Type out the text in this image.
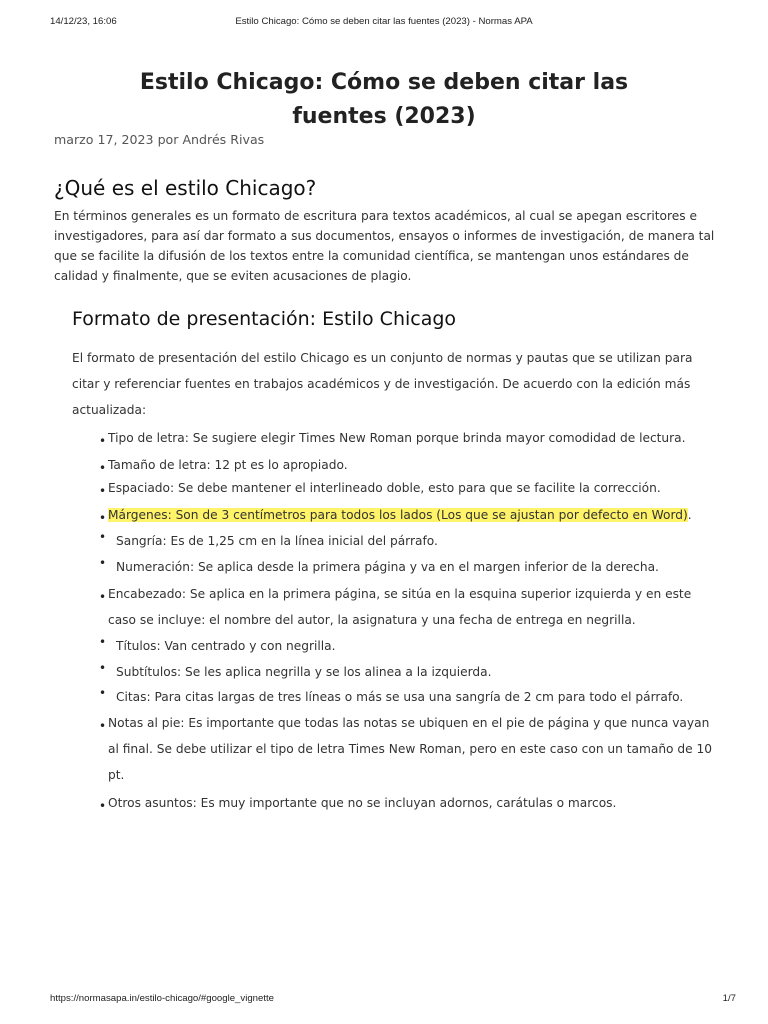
14/12/23, 16:06	Estilo Chicago: Cómo se deben citar las fuentes (2023) - Normas APA
Estilo Chicago: Cómo se deben citar las fuentes (2023)

marzo 17, 2023 por Andrés Rivas

¿Qué es el estilo Chicago?

En términos generales es un formato de escritura para textos académicos, al cual se apegan escritores e investigadores, para así dar formato a sus documentos, ensayos o informes de investigación, de manera tal que se facilite la difusión de los textos entre la comunidad científica, se mantengan unos estándares de calidad y finalmente, que se eviten acusaciones de plagio.

Formato de presentación: Estilo Chicago

El formato de presentación del estilo Chicago es un conjunto de normas y pautas que se utilizan para citar y referenciar fuentes en trabajos académicos y de investigación. De acuerdo con la edición más actualizada:

• Tipo de letra: Se sugiere elegir Times New Roman porque brinda mayor comodidad de lectura.
• Tamaño de letra: 12 pt es lo apropiado.
• Espaciado: Se debe mantener el interlineado doble, esto para que se facilite la corrección.
• Márgenes: Son de 3 centímetros para todos los lados (Los que se ajustan por defecto en Word).
• Sangría: Es de 1,25 cm en la línea inicial del párrafo.
• Numeración: Se aplica desde la primera página y va en el margen inferior de la derecha.
• Encabezado: Se aplica en la primera página, se sitúa en la esquina superior izquierda y en este caso se incluye: el nombre del autor, la asignatura y una fecha de entrega en negrilla.
• Títulos: Van centrado y con negrilla.
• Subtítulos: Se les aplica negrilla y se los alinea a la izquierda.
• Citas: Para citas largas de tres líneas o más se usa una sangría de 2 cm para todo el párrafo.
• Notas al pie: Es importante que todas las notas se ubiquen en el pie de página y que nunca vayan al final. Se debe utilizar el tipo de letra Times New Roman, pero en este caso con un tamaño de 10 pt.
• Otros asuntos: Es muy importante que no se incluyan adornos, carátulas o marcos.
https://normasapa.in/estilo-chicago/#google_vignette	1/7
